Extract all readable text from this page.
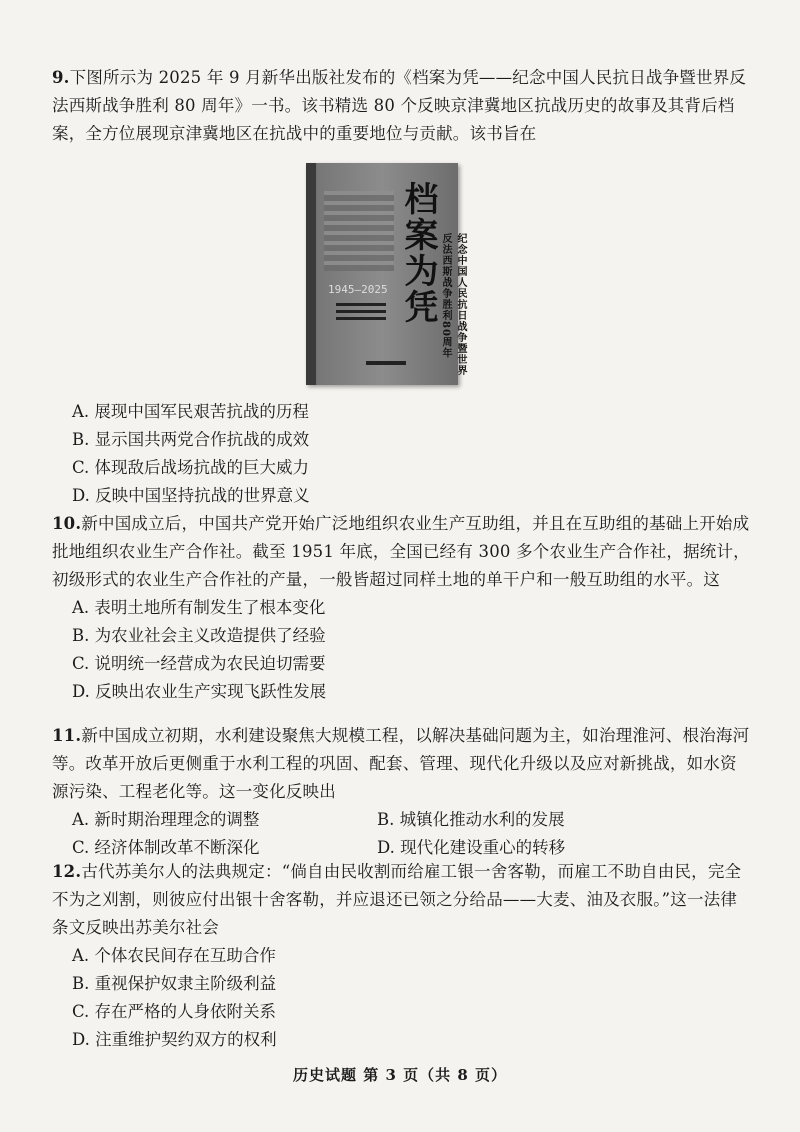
9.下图所示为 2025 年 9 月新华出版社发布的《档案为凭——纪念中国人民抗日战争暨世界反法西斯战争胜利 80 周年》一书。该书精选 80 个反映京津冀地区抗战历史的故事及其背后档案，全方位展现京津冀地区在抗战中的重要地位与贡献。该书旨在
档案为凭	纪念中国人民抗日战争暨世界反法西斯战争胜利80周年
1945—2025
A. 展现中国军民艰苦抗战的历程
B. 显示国共两党合作抗战的成效
C. 体现敌后战场抗战的巨大威力
D. 反映中国坚持抗战的世界意义
10.新中国成立后，中国共产党开始广泛地组织农业生产互助组，并且在互助组的基础上开始成批地组织农业生产合作社。截至 1951 年底，全国已经有 300 多个农业生产合作社，据统计，初级形式的农业生产合作社的产量，一般皆超过同样土地的单干户和一般互助组的水平。这
A. 表明土地所有制发生了根本变化
B. 为农业社会主义改造提供了经验
C. 说明统一经营成为农民迫切需要
D. 反映出农业生产实现飞跃性发展
11.新中国成立初期，水利建设聚焦大规模工程，以解决基础问题为主，如治理淮河、根治海河等。改革开放后更侧重于水利工程的巩固、配套、管理、现代化升级以及应对新挑战，如水资源污染、工程老化等。这一变化反映出
A. 新时期治理理念的调整	B. 城镇化推动水利的发展
C. 经济体制改革不断深化	D. 现代化建设重心的转移
12.古代苏美尔人的法典规定：“倘自由民收割而给雇工银一舍客勒，而雇工不助自由民，完全不为之刈割，则彼应付出银十舍客勒，并应退还已领之分给品——大麦、油及衣服。”这一法律条文反映出苏美尔社会
A. 个体农民间存在互助合作
B. 重视保护奴隶主阶级利益
C. 存在严格的人身依附关系
D. 注重维护契约双方的权利
历史试题 第 3 页（共 8 页）
